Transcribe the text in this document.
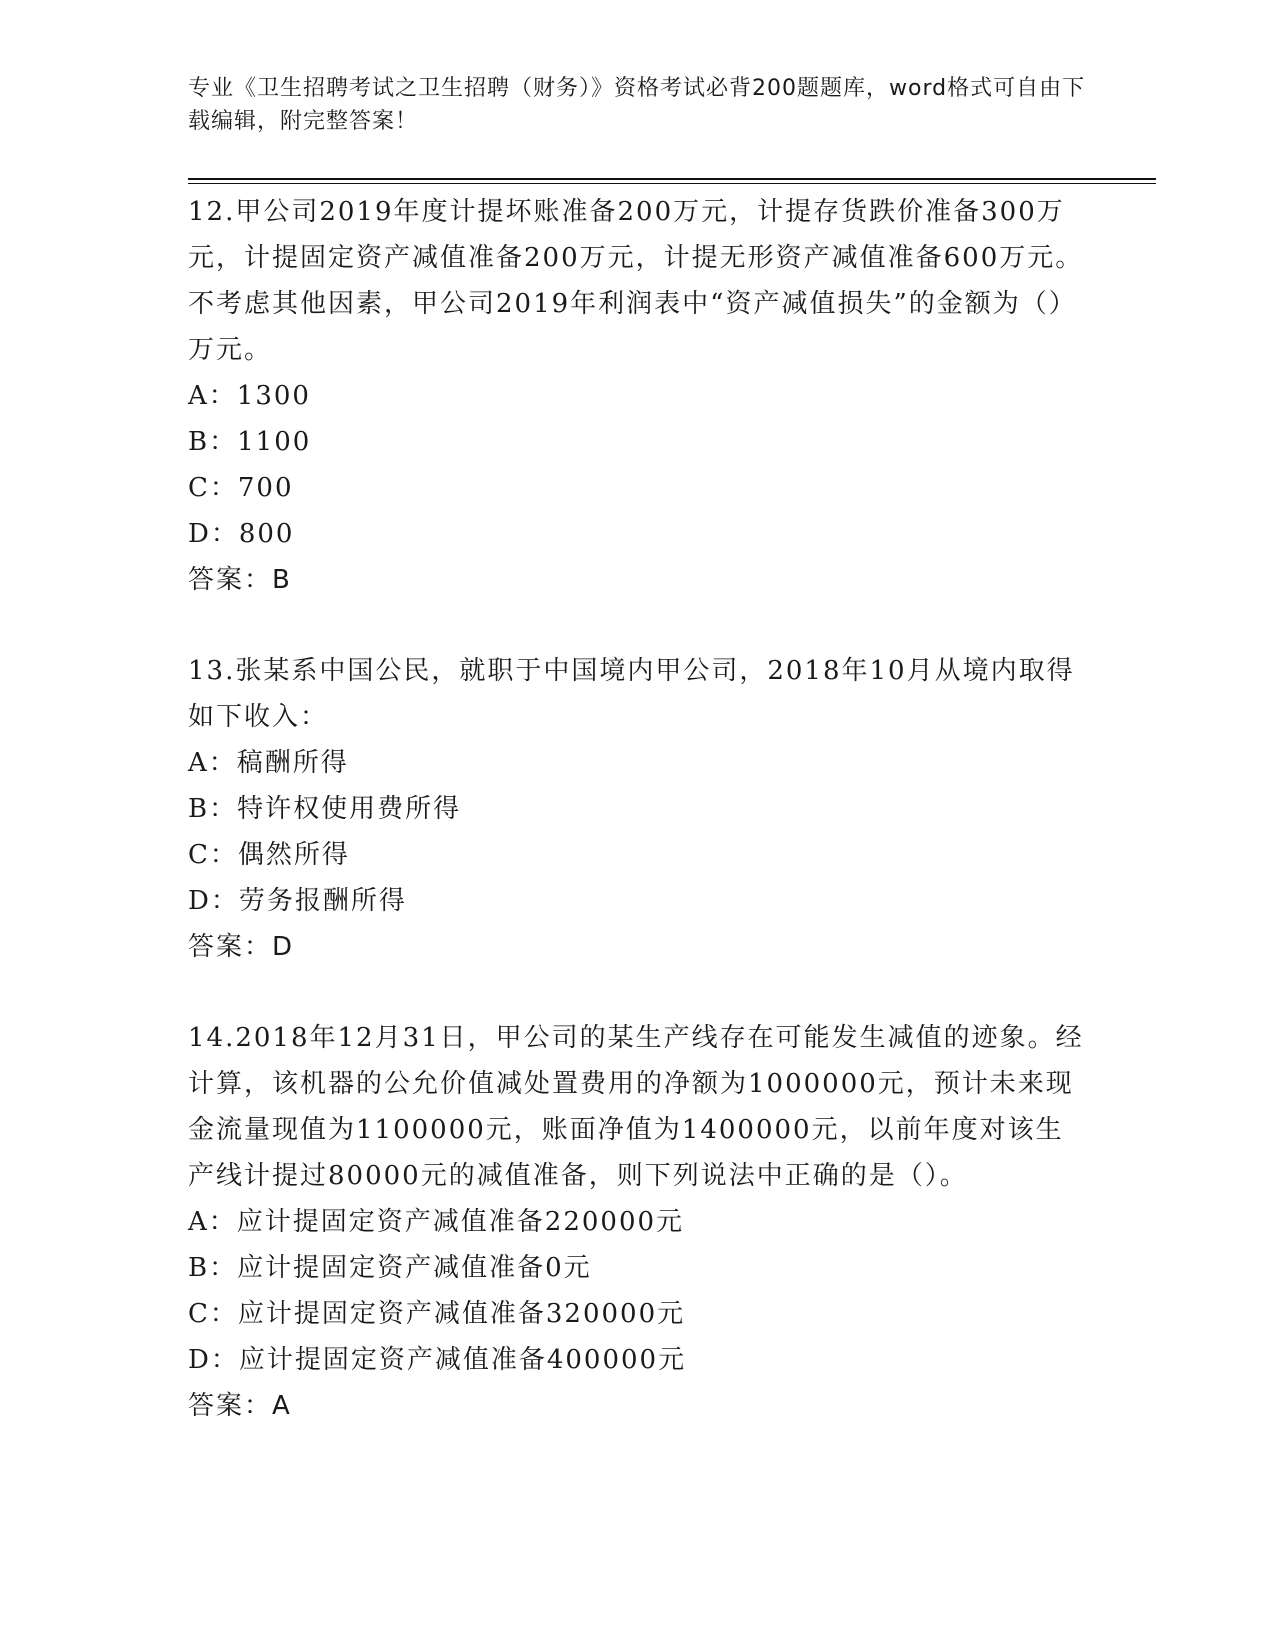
专业《卫生招聘考试之卫生招聘（财务）》资格考试必背200题题库，word格式可自由下载编辑，附完整答案！
12.甲公司2019年度计提坏账准备200万元，计提存货跌价准备300万元，计提固定资产减值准备200万元，计提无形资产减值准备600万元。不考虑其他因素，甲公司2019年利润表中“资产减值损失”的金额为（）万元。
A：1300
B：1100
C：700
D：800
答案：B
13.张某系中国公民，就职于中国境内甲公司，2018年10月从境内取得如下收入：
A：稿酬所得
B：特许权使用费所得
C：偶然所得
D：劳务报酬所得
答案：D
14.2018年12月31日，甲公司的某生产线存在可能发生减值的迹象。经计算，该机器的公允价值减处置费用的净额为1000000元，预计未来现金流量现值为1100000元，账面净值为1400000元，以前年度对该生产线计提过80000元的减值准备，则下列说法中正确的是（）。
A：应计提固定资产减值准备220000元
B：应计提固定资产减值准备0元
C：应计提固定资产减值准备320000元
D：应计提固定资产减值准备400000元
答案：A
